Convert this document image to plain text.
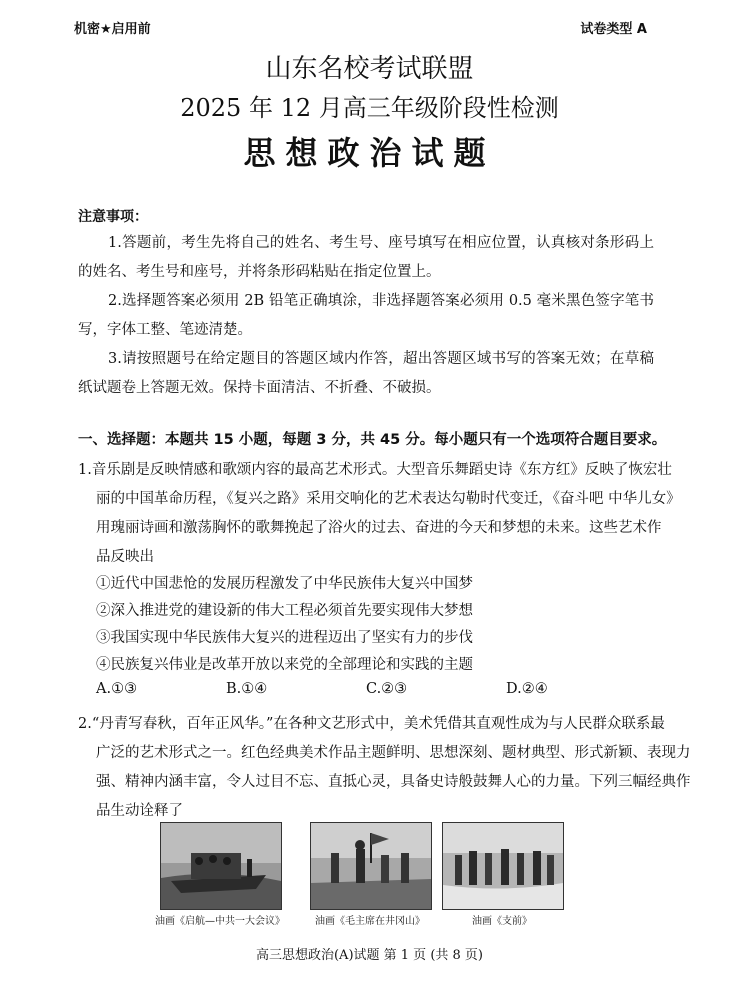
机密★启用前	试卷类型 A
山东名校考试联盟
2025 年 12 月高三年级阶段性检测
思想政治试题
注意事项：
1.答题前，考生先将自己的姓名、考生号、座号填写在相应位置，认真核对条形码上的姓名、考生号和座号，并将条形码粘贴在指定位置上。
2.选择题答案必须用 2B 铅笔正确填涂，非选择题答案必须用 0.5 毫米黑色签字笔书写，字体工整、笔迹清楚。
3.请按照题号在给定题目的答题区域内作答，超出答题区域书写的答案无效；在草稿纸试题卷上答题无效。保持卡面清洁、不折叠、不破损。
一、选择题：本题共 15 小题，每题 3 分，共 45 分。每小题只有一个选项符合题目要求。
1.音乐剧是反映情感和歌颂内容的最高艺术形式。大型音乐舞蹈史诗《东方红》反映了恢宏壮
丽的中国革命历程，《复兴之路》采用交响化的艺术表达勾勒时代变迁，《奋斗吧 中华儿女》
用瑰丽诗画和激荡胸怀的歌舞挽起了浴火的过去、奋进的今天和梦想的未来。这些艺术作
品反映出
①近代中国悲怆的发展历程激发了中华民族伟大复兴中国梦
②深入推进党的建设新的伟大工程必须首先要实现伟大梦想
③我国实现中华民族伟大复兴的进程迈出了坚实有力的步伐
④民族复兴伟业是改革开放以来党的全部理论和实践的主题
A.①③	B.①④	C.②③	D.②④
2.“丹青写春秋，百年正风华。”在各种文艺形式中，美术凭借其直观性成为与人民群众联系最
广泛的艺术形式之一。红色经典美术作品主题鲜明、思想深刻、题材典型、形式新颖、表现力
强、精神内涵丰富，令人过目不忘、直抵心灵，具备史诗般鼓舞人心的力量。下列三幅经典作
品生动诠释了
油画《启航—中共一大会议》	油画《毛主席在井冈山》	油画《支前》
高三思想政治(A)试题 第 1 页 (共 8 页)
